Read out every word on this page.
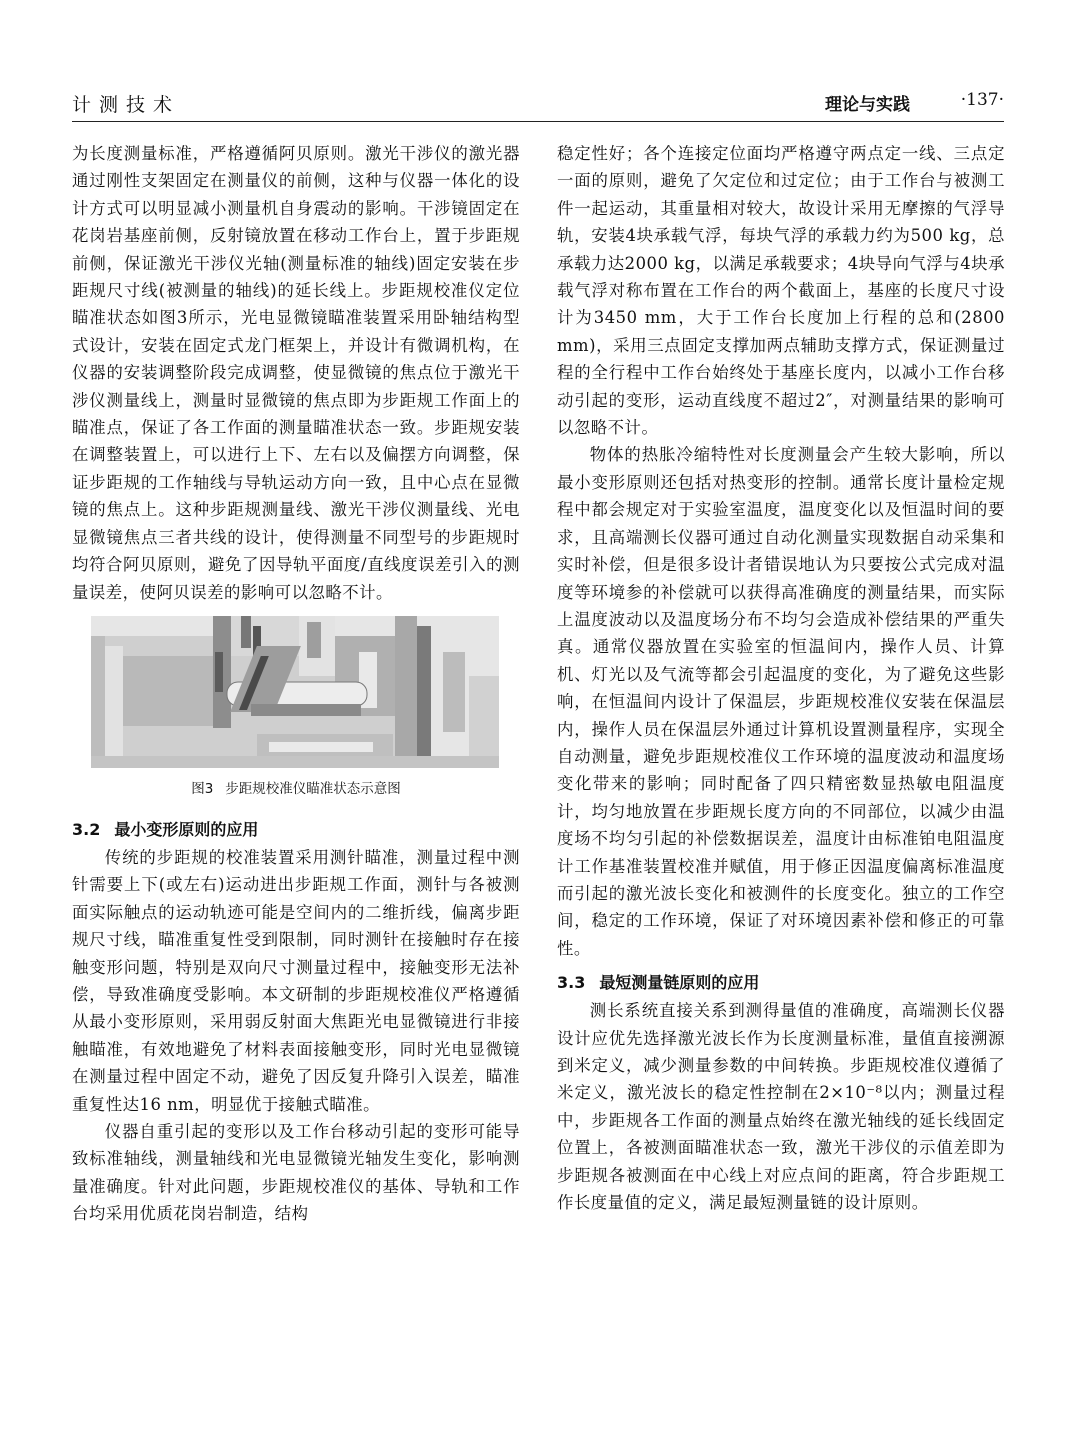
计测技术	理论与实践	·137·

为长度测量标准，严格遵循阿贝原则。激光干涉仪的激光器通过刚性支架固定在测量仪的前侧，这种与仪器一体化的设计方式可以明显减小测量机自身震动的影响。干涉镜固定在花岗岩基座前侧，反射镜放置在移动工作台上，置于步距规前侧，保证激光干涉仪光轴(测量标准的轴线)固定安装在步距规尺寸线(被测量的轴线)的延长线上。步距规校准仪定位瞄准状态如图3所示，光电显微镜瞄准装置采用卧轴结构型式设计，安装在固定式龙门框架上，并设计有微调机构，在仪器的安装调整阶段完成调整，使显微镜的焦点位于激光干涉仪测量线上，测量时显微镜的焦点即为步距规工作面上的瞄准点，保证了各工作面的测量瞄准状态一致。步距规安装在调整装置上，可以进行上下、左右以及偏摆方向调整，保证步距规的工作轴线与导轨运动方向一致，且中心点在显微镜的焦点上。这种步距规测量线、激光干涉仪测量线、光电显微镜焦点三者共线的设计，使得测量不同型号的步距规时均符合阿贝原则，避免了因导轨平面度/直线度误差引入的测量误差，使阿贝误差的影响可以忽略不计。

图3 步距规校准仪瞄准状态示意图
3.2 最小变形原则的应用

传统的步距规的校准装置采用测针瞄准，测量过程中测针需要上下(或左右)运动进出步距规工作面，测针与各被测面实际触点的运动轨迹可能是空间内的二维折线，偏离步距规尺寸线，瞄准重复性受到限制，同时测针在接触时存在接触变形问题，特别是双向尺寸测量过程中，接触变形无法补偿，导致准确度受影响。本文研制的步距规校准仪严格遵循从最小变形原则，采用弱反射面大焦距光电显微镜进行非接触瞄准，有效地避免了材料表面接触变形，同时光电显微镜在测量过程中固定不动，避免了因反复升降引入误差，瞄准重复性达16 nm，明显优于接触式瞄准。

仪器自重引起的变形以及工作台移动引起的变形可能导致标准轴线，测量轴线和光电显微镜光轴发生变化，影响测量准确度。针对此问题，步距规校准仪的基体、导轨和工作台均采用优质花岗岩制造，结构

稳定性好；各个连接定位面均严格遵守两点定一线、三点定一面的原则，避免了欠定位和过定位；由于工作台与被测工件一起运动，其重量相对较大，故设计采用无摩擦的气浮导轨，安装4块承载气浮，每块气浮的承载力约为500 kg，总承载力达2000 kg，以满足承载要求；4块导向气浮与4块承载气浮对称布置在工作台的两个截面上，基座的长度尺寸设计为3450 mm，大于工作台长度加上行程的总和(2800 mm)，采用三点固定支撑加两点辅助支撑方式，保证测量过程的全行程中工作台始终处于基座长度内，以减小工作台移动引起的变形，运动直线度不超过2″，对测量结果的影响可以忽略不计。

物体的热胀冷缩特性对长度测量会产生较大影响，所以最小变形原则还包括对热变形的控制。通常长度计量检定规程中都会规定对于实验室温度，温度变化以及恒温时间的要求，且高端测长仪器可通过自动化测量实现数据自动采集和实时补偿，但是很多设计者错误地认为只要按公式完成对温度等环境参的补偿就可以获得高准确度的测量结果，而实际上温度波动以及温度场分布不均匀会造成补偿结果的严重失真。通常仪器放置在实验室的恒温间内，操作人员、计算机、灯光以及气流等都会引起温度的变化，为了避免这些影响，在恒温间内设计了保温层，步距规校准仪安装在保温层内，操作人员在保温层外通过计算机设置测量程序，实现全自动测量，避免步距规校准仪工作环境的温度波动和温度场变化带来的影响；同时配备了四只精密数显热敏电阻温度计，均匀地放置在步距规长度方向的不同部位，以减少由温度场不均匀引起的补偿数据误差，温度计由标准铂电阻温度计工作基准装置校准并赋值，用于修正因温度偏离标准温度而引起的激光波长变化和被测件的长度变化。独立的工作空间，稳定的工作环境，保证了对环境因素补偿和修正的可靠性。

3.3 最短测量链原则的应用

测长系统直接关系到测得量值的准确度，高端测长仪器设计应优先选择激光波长作为长度测量标准，量值直接溯源到米定义，减少测量参数的中间转换。步距规校准仪遵循了米定义，激光波长的稳定性控制在2×10⁻⁸以内；测量过程中，步距规各工作面的测量点始终在激光轴线的延长线固定位置上，各被测面瞄准状态一致，激光干涉仪的示值差即为步距规各被测面在中心线上对应点间的距离，符合步距规工作长度量值的定义，满足最短测量链的设计原则。
